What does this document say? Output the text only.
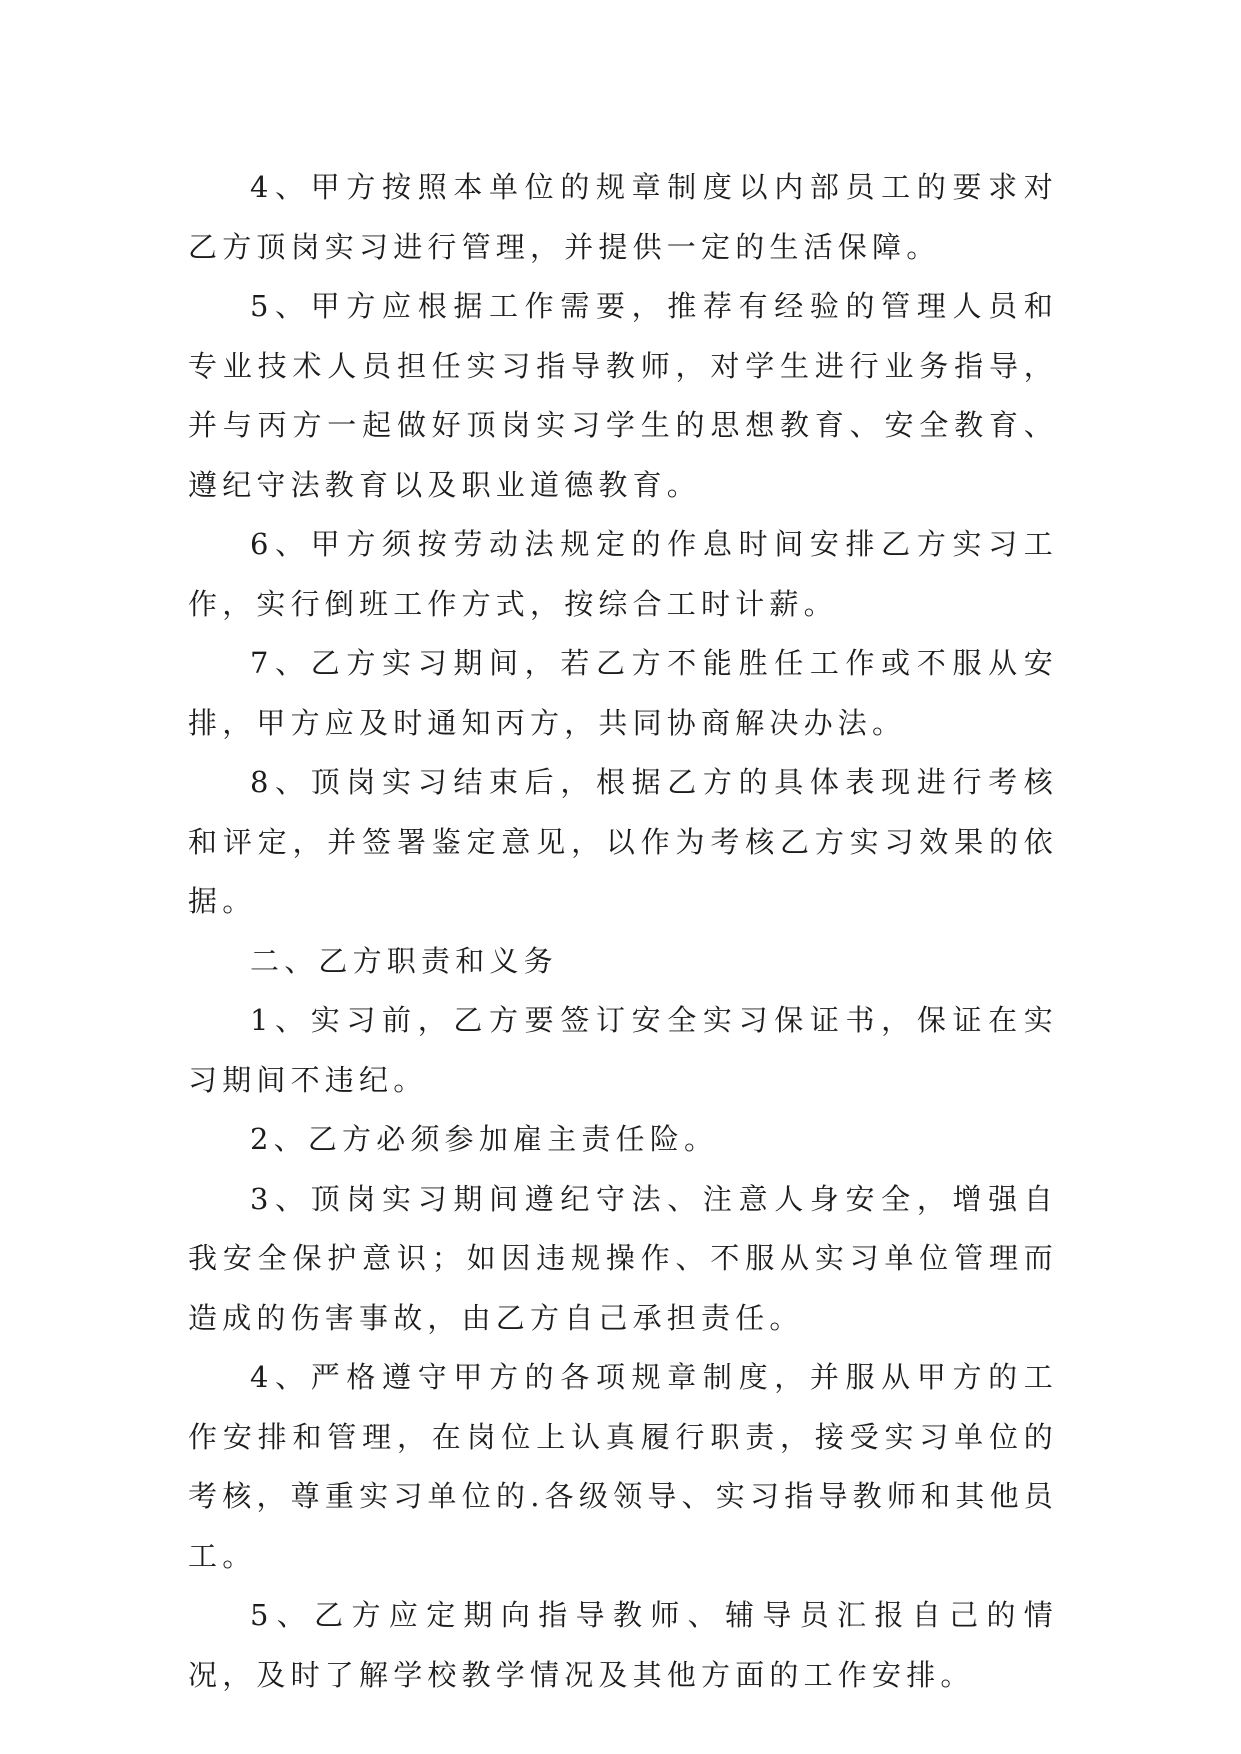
4、甲方按照本单位的规章制度以内部员工的要求对乙方顶岗实习进行管理，并提供一定的生活保障。

5、甲方应根据工作需要，推荐有经验的管理人员和专业技术人员担任实习指导教师，对学生进行业务指导，并与丙方一起做好顶岗实习学生的思想教育、安全教育、遵纪守法教育以及职业道德教育。

6、甲方须按劳动法规定的作息时间安排乙方实习工作，实行倒班工作方式，按综合工时计薪。

7、乙方实习期间，若乙方不能胜任工作或不服从安排，甲方应及时通知丙方，共同协商解决办法。

8、顶岗实习结束后，根据乙方的具体表现进行考核和评定，并签署鉴定意见，以作为考核乙方实习效果的依据。

二、乙方职责和义务

1、实习前，乙方要签订安全实习保证书，保证在实习期间不违纪。

2、乙方必须参加雇主责任险。

3、顶岗实习期间遵纪守法、注意人身安全，增强自我安全保护意识；如因违规操作、不服从实习单位管理而造成的伤害事故，由乙方自己承担责任。

4、严格遵守甲方的各项规章制度，并服从甲方的工作安排和管理，在岗位上认真履行职责，接受实习单位的考核，尊重实习单位的.各级领导、实习指导教师和其他员工。

5、乙方应定期向指导教师、辅导员汇报自己的情况，及时了解学校教学情况及其他方面的工作安排。
